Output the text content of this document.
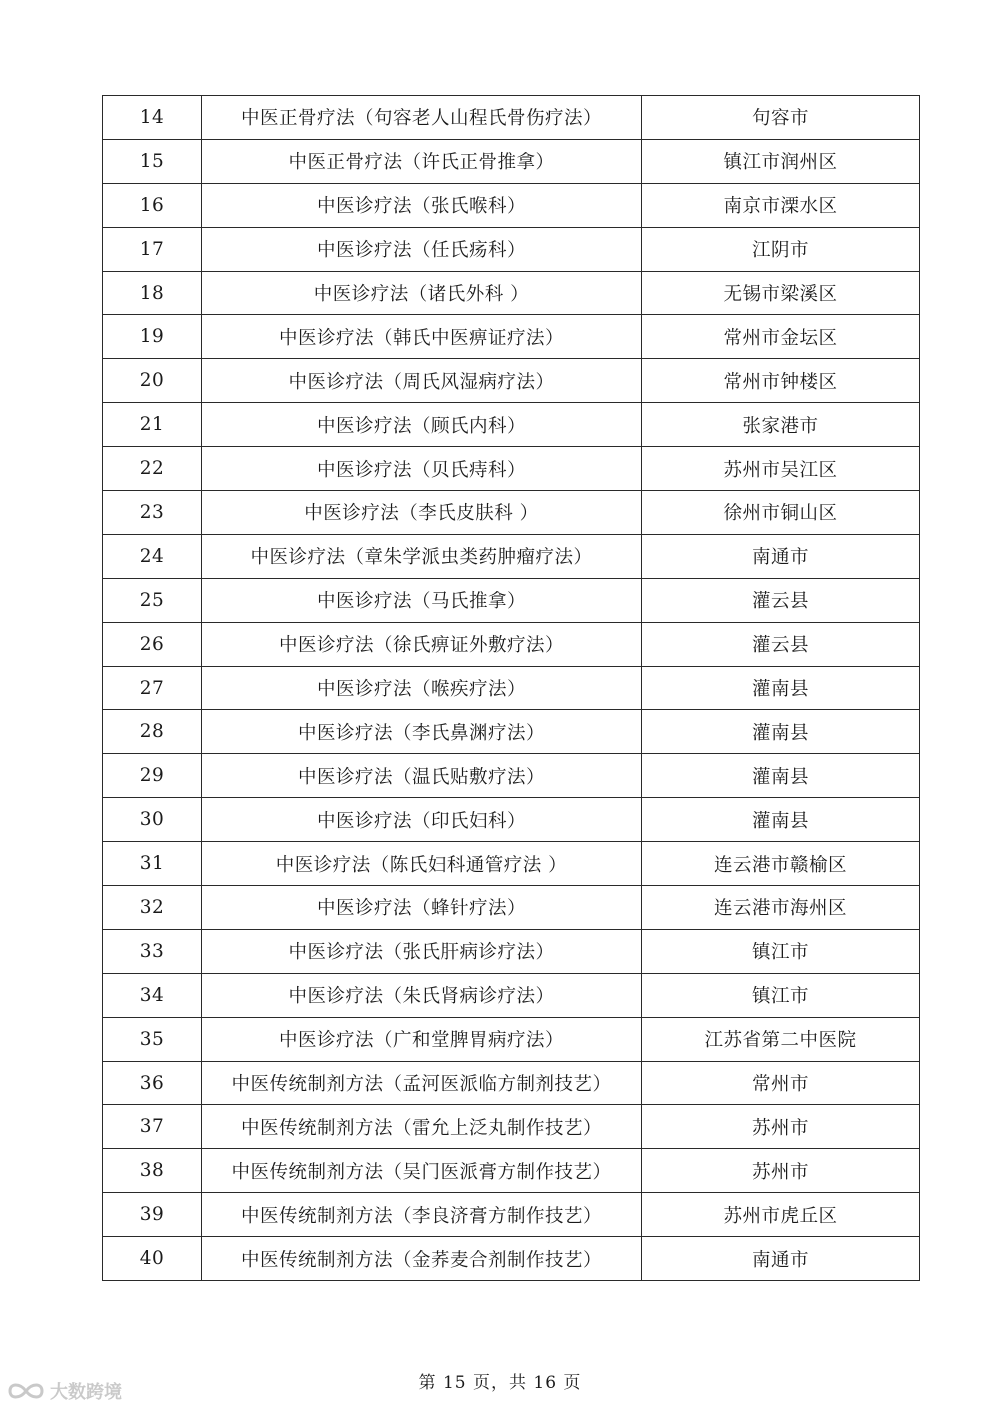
14	中医正骨疗法（句容老人山程氏骨伤疗法）	句容市
15	中医正骨疗法（许氏正骨推拿）	镇江市润州区
16	中医诊疗法（张氏喉科）	南京市溧水区
17	中医诊疗法（任氏疡科）	江阴市
18	中医诊疗法（诸氏外科 ）	无锡市梁溪区
19	中医诊疗法（韩氏中医痹证疗法）	常州市金坛区
20	中医诊疗法（周氏风湿病疗法）	常州市钟楼区
21	中医诊疗法（顾氏内科）	张家港市
22	中医诊疗法（贝氏痔科）	苏州市吴江区
23	中医诊疗法（李氏皮肤科 ）	徐州市铜山区
24	中医诊疗法（章朱学派虫类药肿瘤疗法）	南通市
25	中医诊疗法（马氏推拿）	灌云县
26	中医诊疗法（徐氏痹证外敷疗法）	灌云县
27	中医诊疗法（喉疾疗法）	灌南县
28	中医诊疗法（李氏鼻渊疗法）	灌南县
29	中医诊疗法（温氏贴敷疗法）	灌南县
30	中医诊疗法（印氏妇科）	灌南县
31	中医诊疗法（陈氏妇科通管疗法 ）	连云港市赣榆区
32	中医诊疗法（蜂针疗法）	连云港市海州区
33	中医诊疗法（张氏肝病诊疗法）	镇江市
34	中医诊疗法（朱氏肾病诊疗法）	镇江市
35	中医诊疗法（广和堂脾胃病疗法）	江苏省第二中医院
36	中医传统制剂方法（孟河医派临方制剂技艺）	常州市
37	中医传统制剂方法（雷允上泛丸制作技艺）	苏州市
38	中医传统制剂方法（吴门医派膏方制作技艺）	苏州市
39	中医传统制剂方法（李良济膏方制作技艺）	苏州市虎丘区
40	中医传统制剂方法（金荞麦合剂制作技艺）	南通市
第 15 页，共 16 页
大数跨境
